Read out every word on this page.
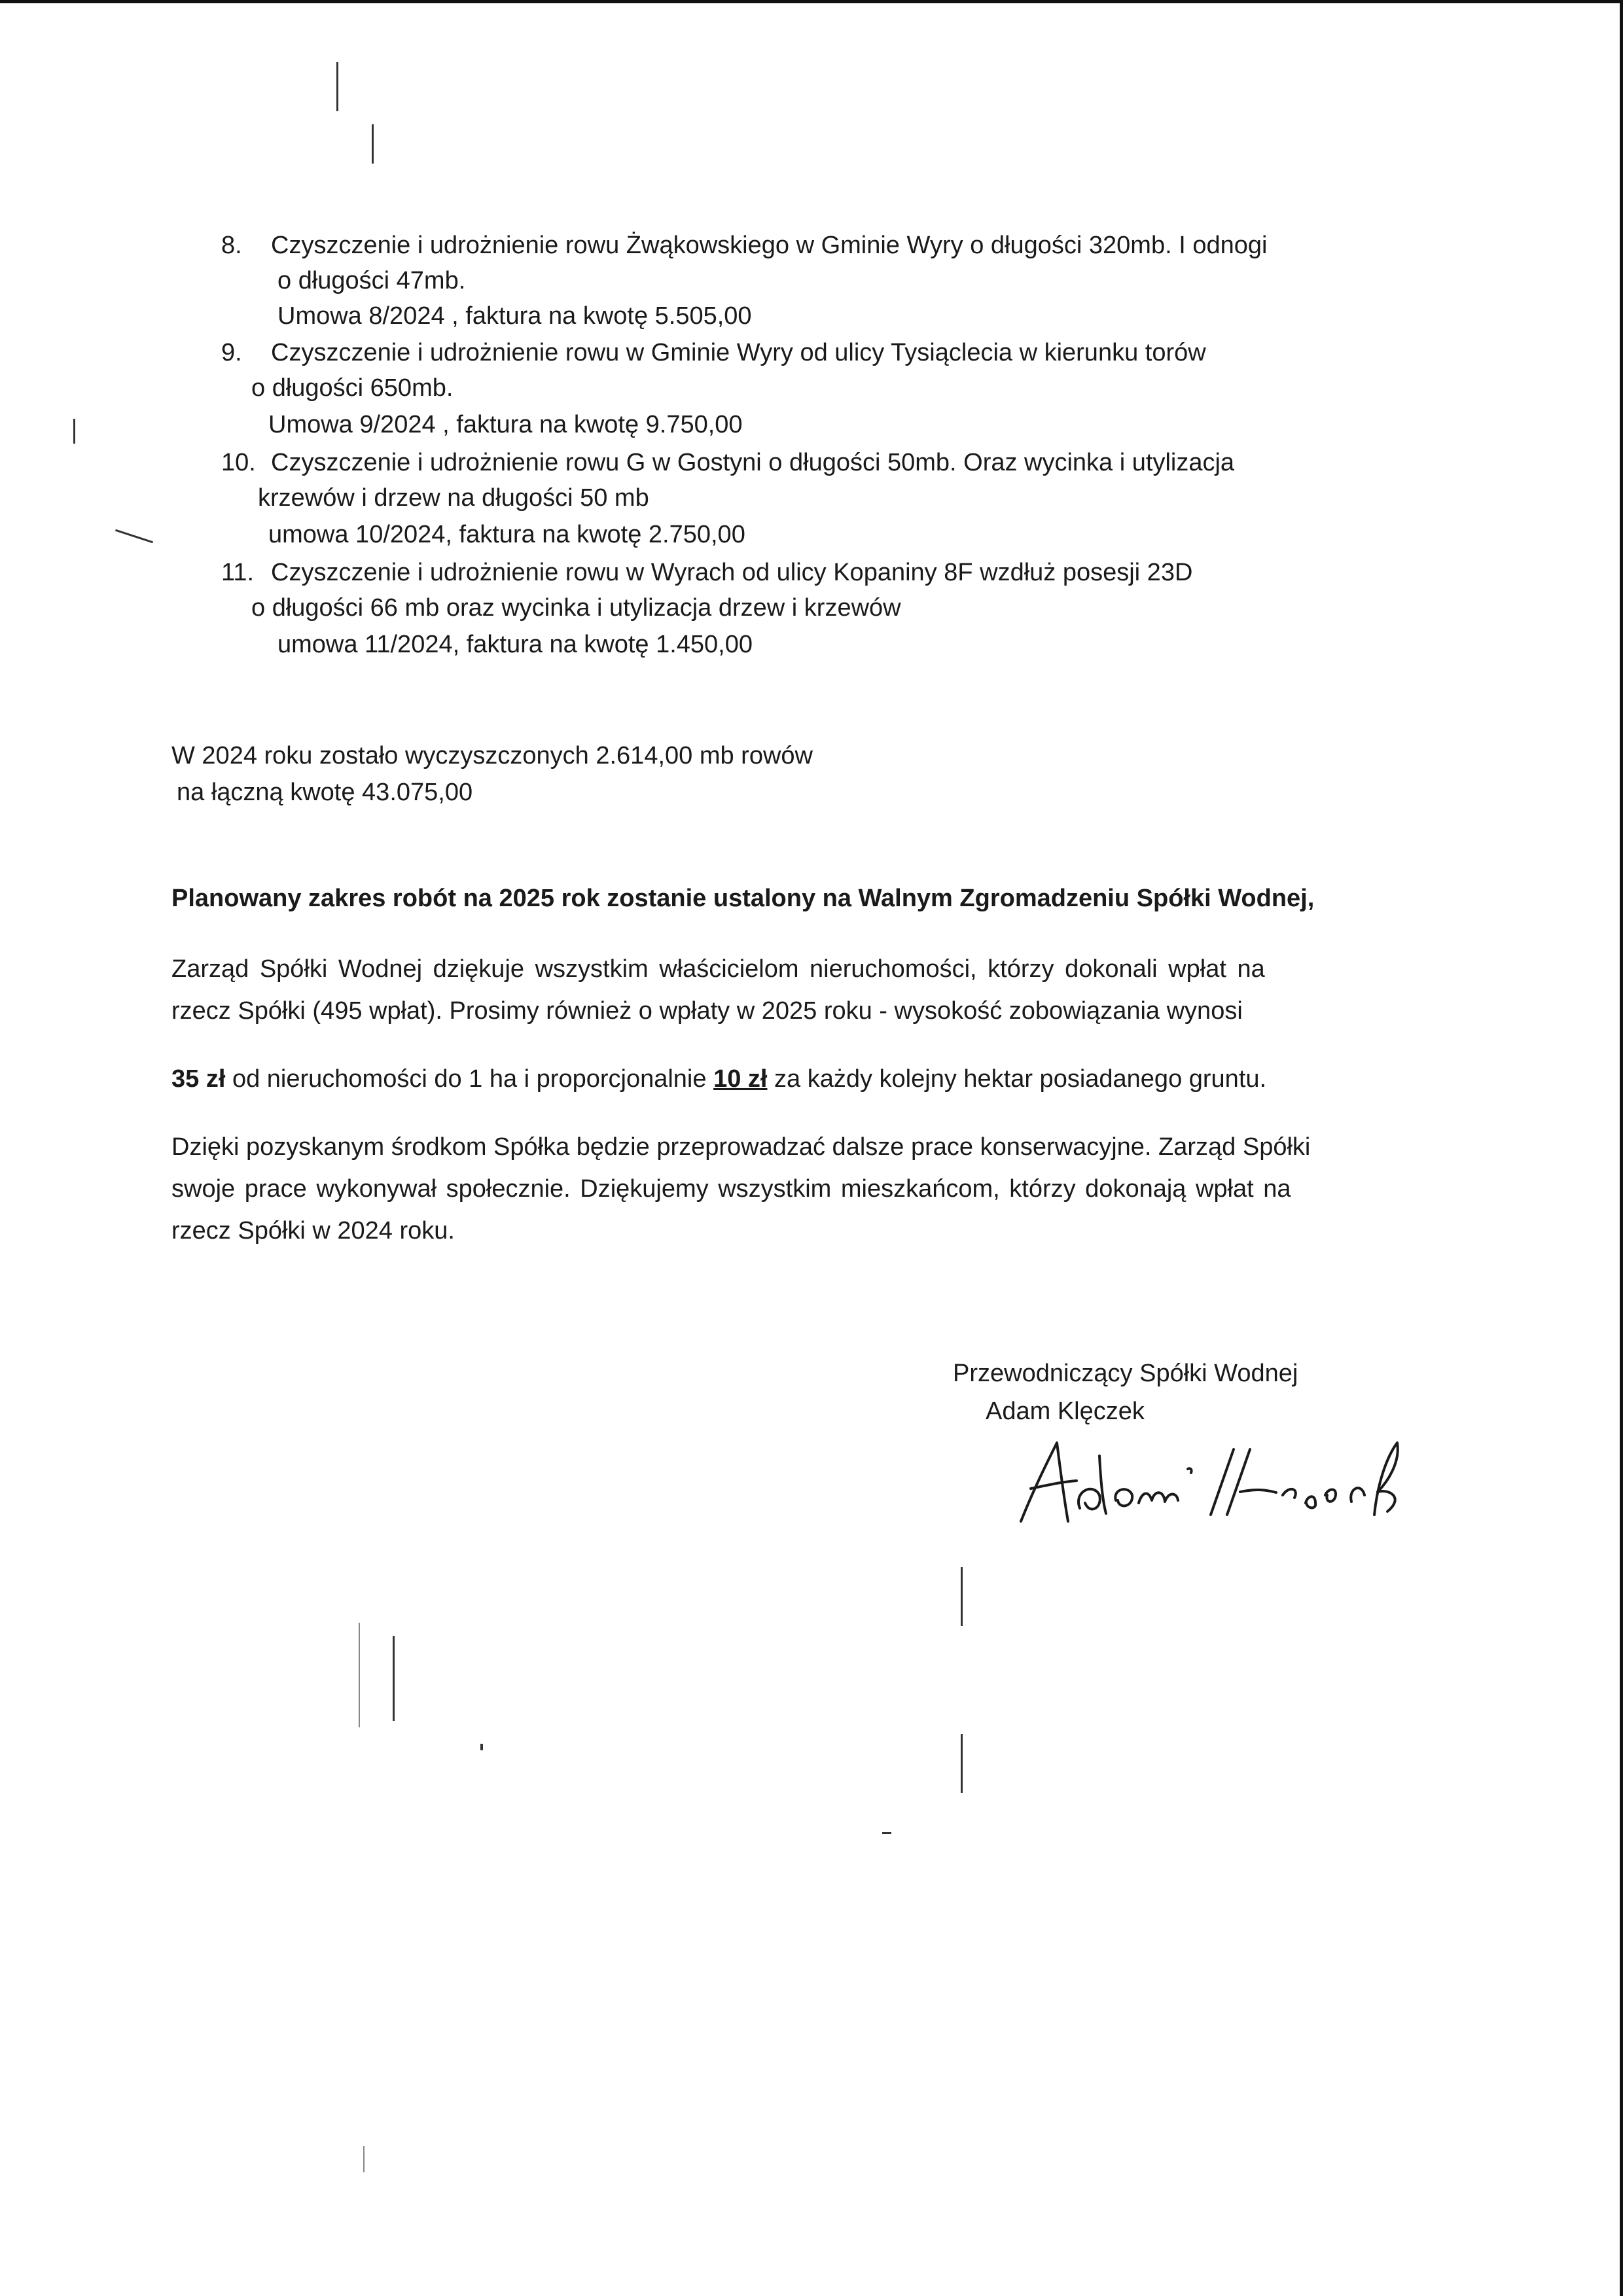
8. Czyszczenie i udrożnienie rowu Żwąkowskiego w Gminie Wyry o długości 320mb. I odnogi
o długości 47mb.
Umowa 8/2024 , faktura na kwotę 5.505,00
9. Czyszczenie i udrożnienie rowu w Gminie Wyry od ulicy Tysiąclecia w kierunku torów
o długości 650mb.
Umowa 9/2024 , faktura na kwotę 9.750,00
10. Czyszczenie i udrożnienie rowu G w Gostyni o długości 50mb. Oraz wycinka i utylizacja
krzewów i drzew na długości 50 mb
umowa 10/2024, faktura na kwotę 2.750,00
11. Czyszczenie i udrożnienie rowu w Wyrach od ulicy Kopaniny 8F wzdłuż posesji 23D
o długości 66 mb oraz wycinka i utylizacja drzew i krzewów
umowa 11/2024, faktura na kwotę 1.450,00
W 2024 roku zostało wyczyszczonych 2.614,00 mb rowów
na łączną kwotę 43.075,00
Planowany zakres robót na 2025 rok zostanie ustalony na Walnym Zgromadzeniu Spółki Wodnej,
Zarząd Spółki Wodnej dziękuje wszystkim właścicielom nieruchomości, którzy dokonali wpłat na
rzecz Spółki (495 wpłat). Prosimy również o wpłaty w 2025 roku - wysokość zobowiązania wynosi
35 zł od nieruchomości do 1 ha i proporcjonalnie 10 zł za każdy kolejny hektar posiadanego gruntu.
Dzięki pozyskanym środkom Spółka będzie przeprowadzać dalsze prace konserwacyjne. Zarząd Spółki
swoje prace wykonywał społecznie. Dziękujemy wszystkim mieszkańcom, którzy dokonają wpłat na
rzecz Spółki w 2024 roku.
Przewodniczący Spółki Wodnej
Adam Klęczek
